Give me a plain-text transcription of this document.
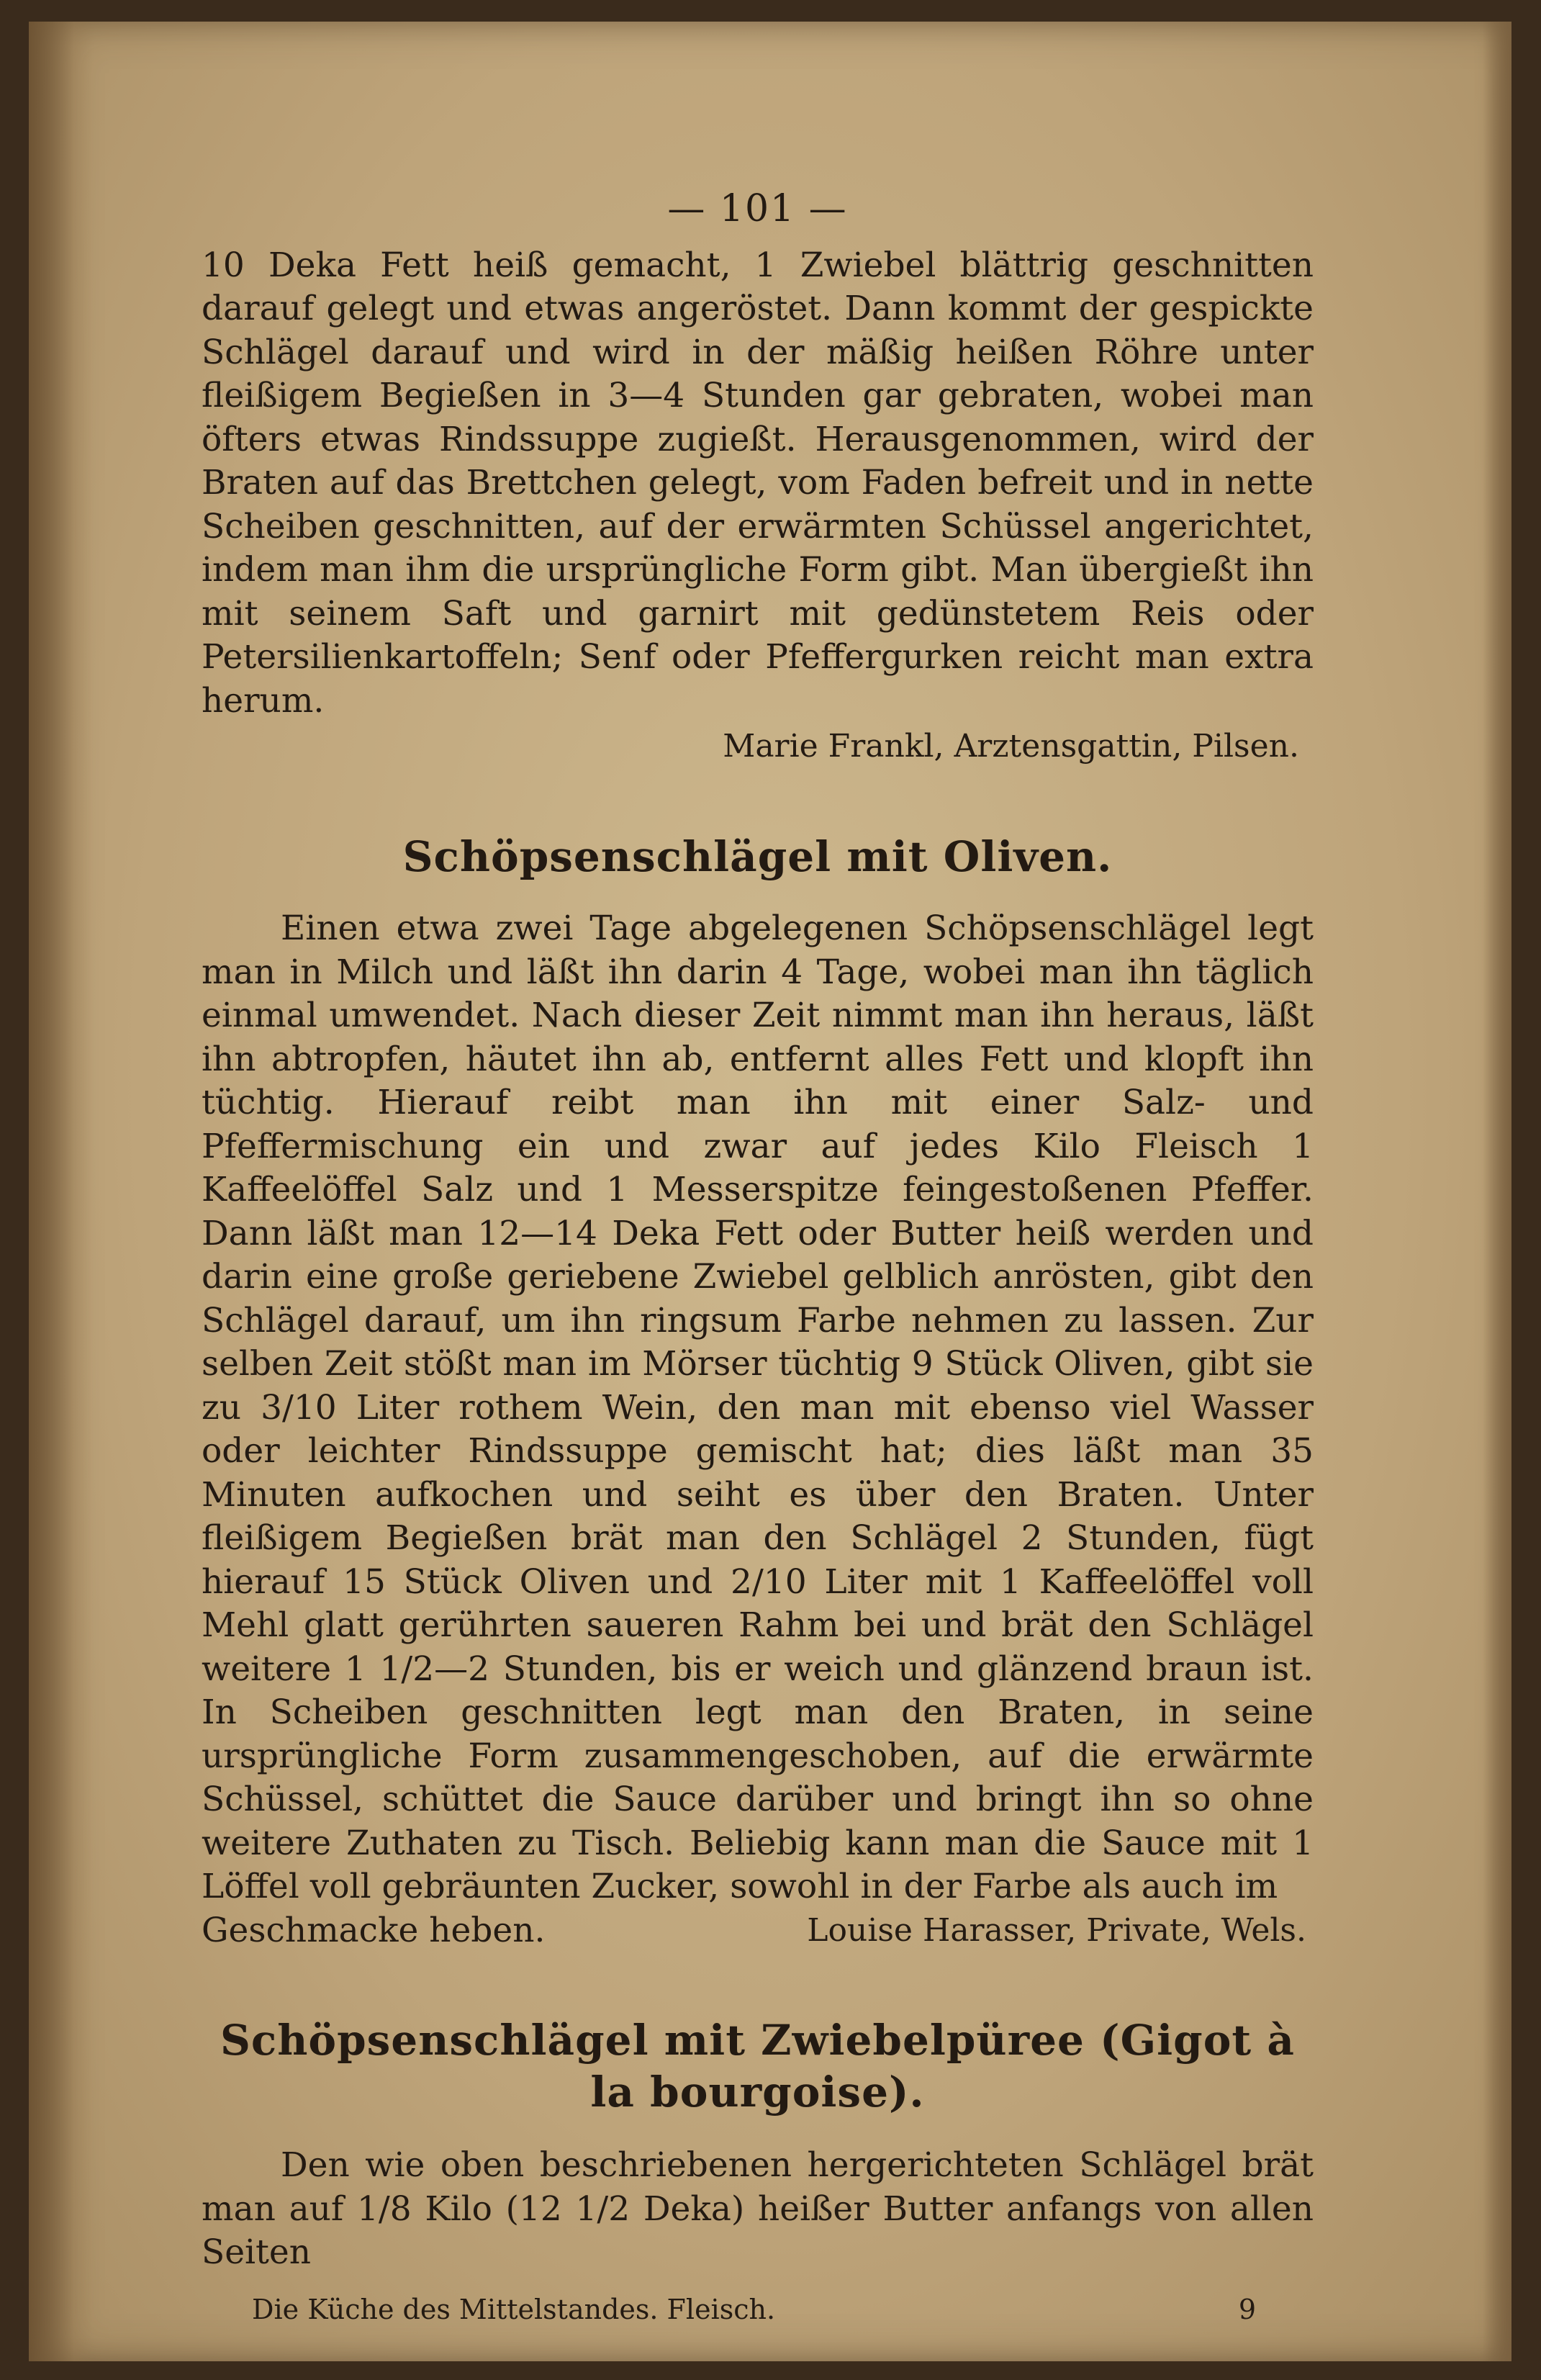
— 101 —

10 Deka Fett heiß gemacht, 1 Zwiebel blättrig geschnitten darauf gelegt und etwas angeröstet. Dann kommt der gespickte Schlägel darauf und wird in der mäßig heißen Röhre unter fleißigem Begießen in 3—4 Stunden gar gebraten, wobei man öfters etwas Rindssuppe zugießt. Herausgenommen, wird der Braten auf das Brettchen gelegt, vom Faden befreit und in nette Scheiben geschnitten, auf der erwärmten Schüssel angerichtet, indem man ihm die ursprüngliche Form gibt. Man übergießt ihn mit seinem Saft und garnirt mit gedünstetem Reis oder Petersilienkartoffeln; Senf oder Pfeffergurken reicht man extra herum.

Marie Frankl, Arztensgattin, Pilsen.
Schöpsenschlägel mit Oliven.

Einen etwa zwei Tage abgelegenen Schöpsenschlägel legt man in Milch und läßt ihn darin 4 Tage, wobei man ihn täglich einmal umwendet. Nach dieser Zeit nimmt man ihn heraus, läßt ihn abtropfen, häutet ihn ab, entfernt alles Fett und klopft ihn tüchtig. Hierauf reibt man ihn mit einer Salz- und Pfeffermischung ein und zwar auf jedes Kilo Fleisch 1 Kaffeelöffel Salz und 1 Messerspitze feingestoßenen Pfeffer. Dann läßt man 12—14 Deka Fett oder Butter heiß werden und darin eine große geriebene Zwiebel gelblich anrösten, gibt den Schlägel darauf, um ihn ringsum Farbe nehmen zu lassen. Zur selben Zeit stößt man im Mörser tüchtig 9 Stück Oliven, gibt sie zu 3/10 Liter rothem Wein, den man mit ebenso viel Wasser oder leichter Rindssuppe gemischt hat; dies läßt man 35 Minuten aufkochen und seiht es über den Braten. Unter fleißigem Begießen brät man den Schlägel 2 Stunden, fügt hierauf 15 Stück Oliven und 2/10 Liter mit 1 Kaffeelöffel voll Mehl glatt gerührten saueren Rahm bei und brät den Schlägel weitere 1 1/2—2 Stunden, bis er weich und glänzend braun ist. In Scheiben geschnitten legt man den Braten, in seine ursprüngliche Form zusammengeschoben, auf die erwärmte Schüssel, schüttet die Sauce darüber und bringt ihn so ohne weitere Zuthaten zu Tisch. Beliebig kann man die Sauce mit 1 Löffel voll gebräunten Zucker, sowohl in der Farbe als auch im

Geschmacke heben.	Louise Harasser, Private, Wels.
Schöpsenschlägel mit Zwiebelpüree (Gigot à la bourgoise).

Den wie oben beschriebenen hergerichteten Schlägel brät man auf 1/8 Kilo (12 1/2 Deka) heißer Butter anfangs von allen Seiten

Die Küche des Mittelstandes. Fleisch.	9
